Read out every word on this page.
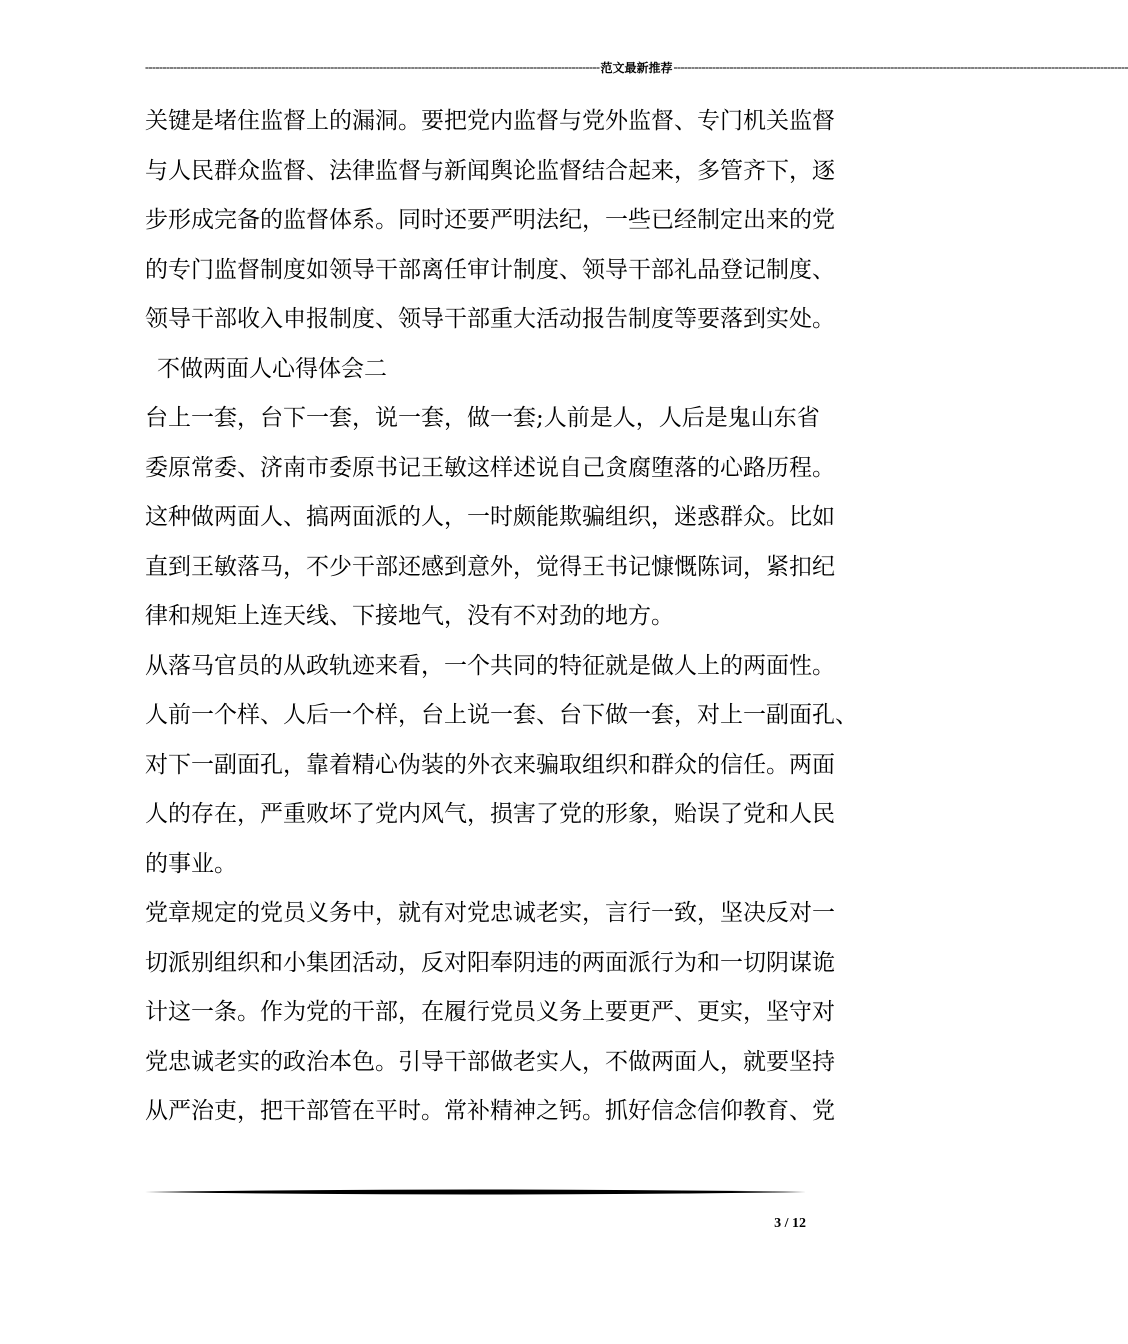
---------------------------------------------------------------------------------------------------------------------------------- 范文最新推荐 ----------------------------------------------------------------------------------------------------------------------------------
关键是堵住监督上的漏洞。要把党内监督与党外监督、专门机关监督
与人民群众监督、法律监督与新闻舆论监督结合起来，多管齐下，逐
步形成完备的监督体系。同时还要严明法纪，一些已经制定出来的党
的专门监督制度如领导干部离任审计制度、领导干部礼品登记制度、
领导干部收入申报制度、领导干部重大活动报告制度等要落到实处。
不做两面人心得体会二
台上一套，台下一套，说一套，做一套;人前是人，人后是鬼山东省
委原常委、济南市委原书记王敏这样述说自己贪腐堕落的心路历程。
这种做两面人、搞两面派的人，一时颇能欺骗组织，迷惑群众。比如
直到王敏落马，不少干部还感到意外，觉得王书记慷慨陈词，紧扣纪
律和规矩上连天线、下接地气，没有不对劲的地方。
从落马官员的从政轨迹来看，一个共同的特征就是做人上的两面性。
人前一个样、人后一个样，台上说一套、台下做一套，对上一副面孔、
对下一副面孔，靠着精心伪装的外衣来骗取组织和群众的信任。两面
人的存在，严重败坏了党内风气，损害了党的形象，贻误了党和人民
的事业。
党章规定的党员义务中，就有对党忠诚老实，言行一致，坚决反对一
切派别组织和小集团活动，反对阳奉阴违的两面派行为和一切阴谋诡
计这一条。作为党的干部，在履行党员义务上要更严、更实，坚守对
党忠诚老实的政治本色。引导干部做老实人，不做两面人，就要坚持
从严治吏，把干部管在平时。常补精神之钙。抓好信念信仰教育、党
3 / 12
